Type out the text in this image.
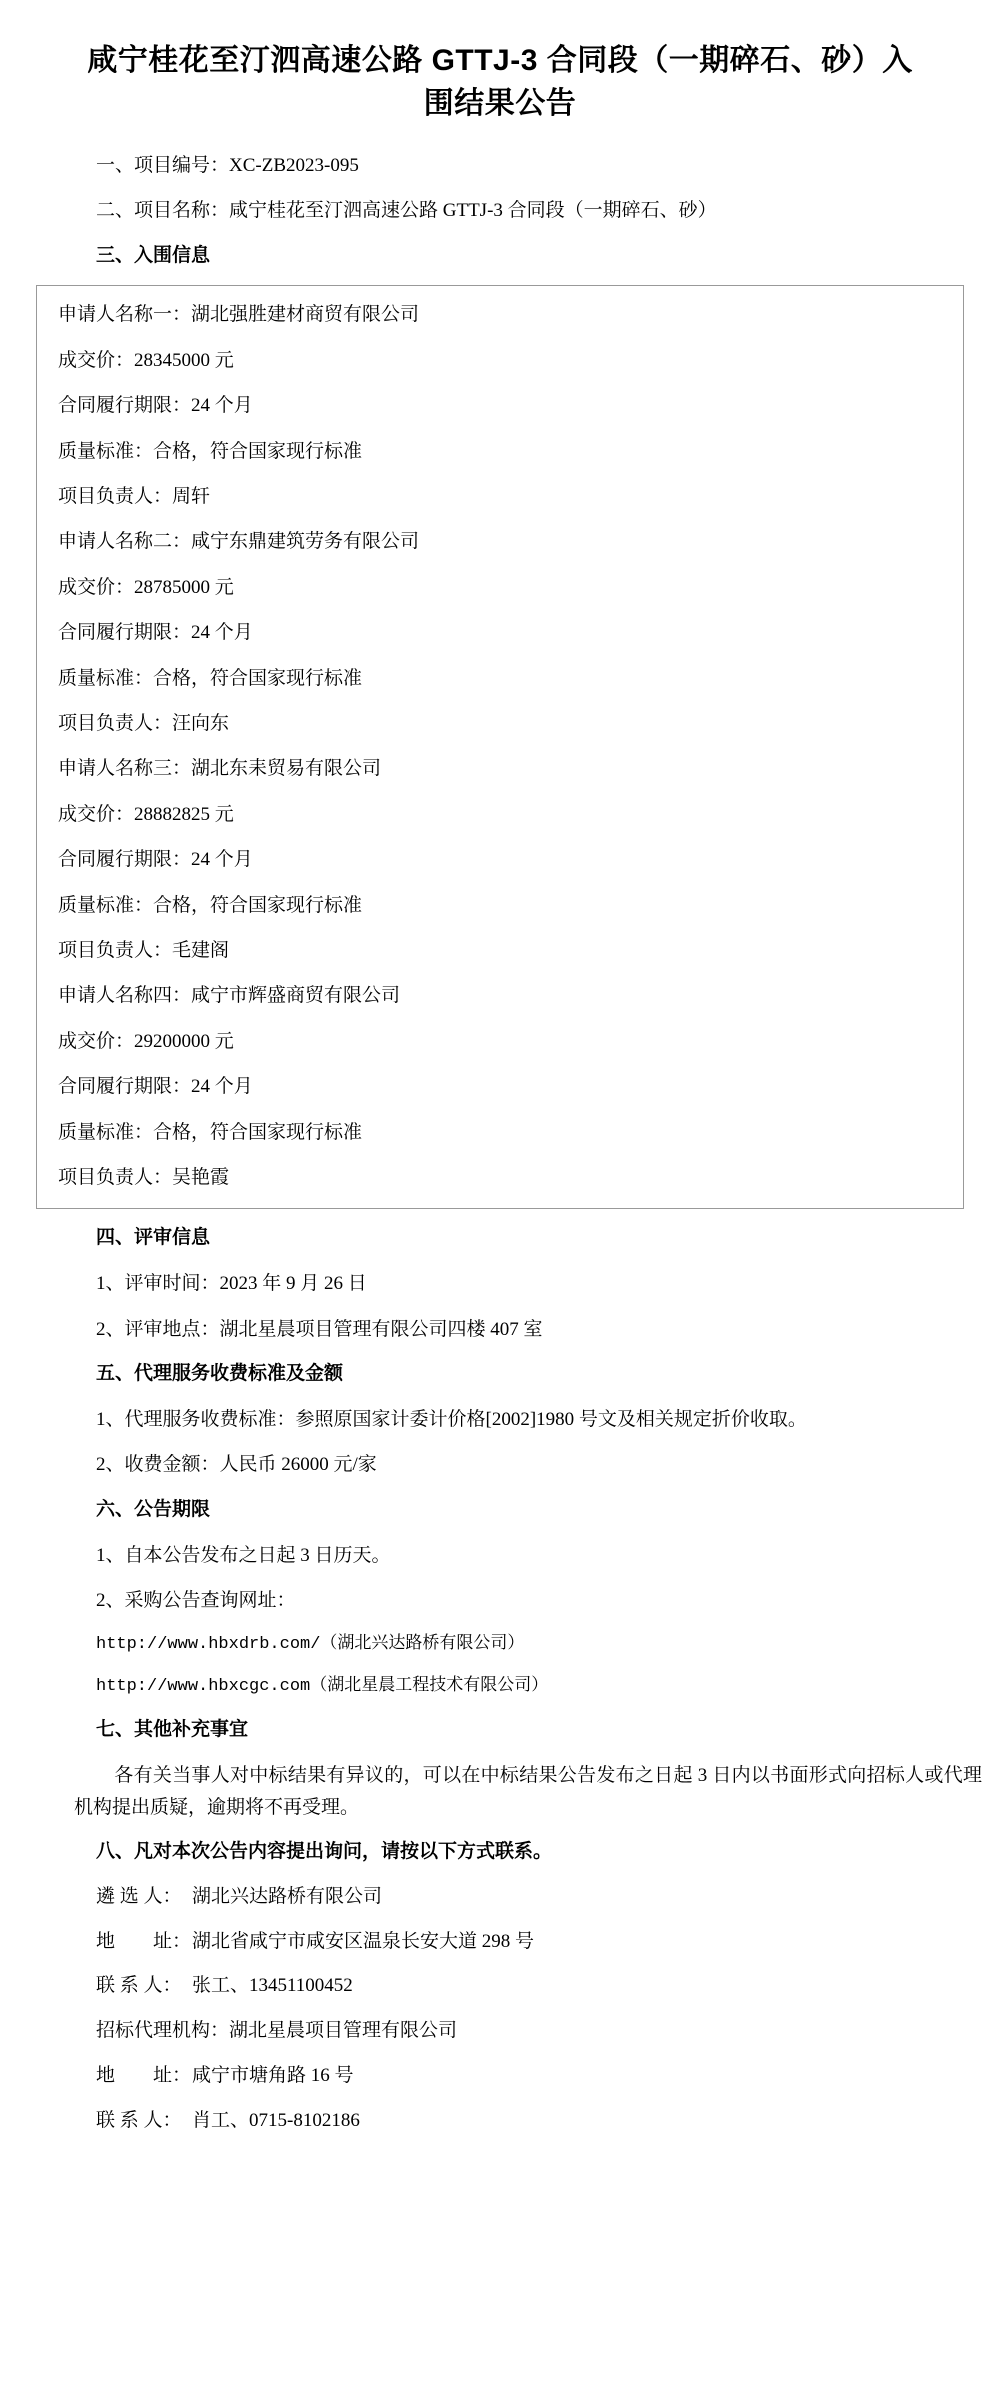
咸宁桂花至汀泗高速公路 GTTJ-3 合同段（一期碎石、砂）入围结果公告
一、项目编号：XC-ZB2023-095
二、项目名称：咸宁桂花至汀泗高速公路 GTTJ-3 合同段（一期碎石、砂）
三、入围信息
申请人名称一：湖北强胜建材商贸有限公司
成交价：28345000 元
合同履行期限：24 个月
质量标准：合格，符合国家现行标准
项目负责人：周轩
申请人名称二：咸宁东鼎建筑劳务有限公司
成交价：28785000 元
合同履行期限：24 个月
质量标准：合格，符合国家现行标准
项目负责人：汪向东
申请人名称三：湖北东耒贸易有限公司
成交价：28882825 元
合同履行期限：24 个月
质量标准：合格，符合国家现行标准
项目负责人：毛建阁
申请人名称四：咸宁市辉盛商贸有限公司
成交价：29200000 元
合同履行期限：24 个月
质量标准：合格，符合国家现行标准
项目负责人：吴艳霞
四、评审信息
1、评审时间：2023 年 9 月 26 日
2、评审地点：湖北星晨项目管理有限公司四楼 407 室
五、代理服务收费标准及金额
1、代理服务收费标准：参照原国家计委计价格[2002]1980 号文及相关规定折价收取。
2、收费金额：人民币 26000 元/家
六、公告期限
1、自本公告发布之日起 3 日历天。
2、采购公告查询网址：
http://www.hbxdrb.com/（湖北兴达路桥有限公司）
http://www.hbxcgc.com（湖北星晨工程技术有限公司）
七、其他补充事宜
各有关当事人对中标结果有异议的，可以在中标结果公告发布之日起 3 日内以书面形式向招标人或代理机构提出质疑，逾期将不再受理。
八、凡对本次公告内容提出询问，请按以下方式联系。
遴 选 人： 湖北兴达路桥有限公司
地　　址：湖北省咸宁市咸安区温泉长安大道 298 号
联 系 人： 张工、13451100452
招标代理机构：湖北星晨项目管理有限公司
地　　址：咸宁市塘角路 16 号
联 系 人： 肖工、0715-8102186
